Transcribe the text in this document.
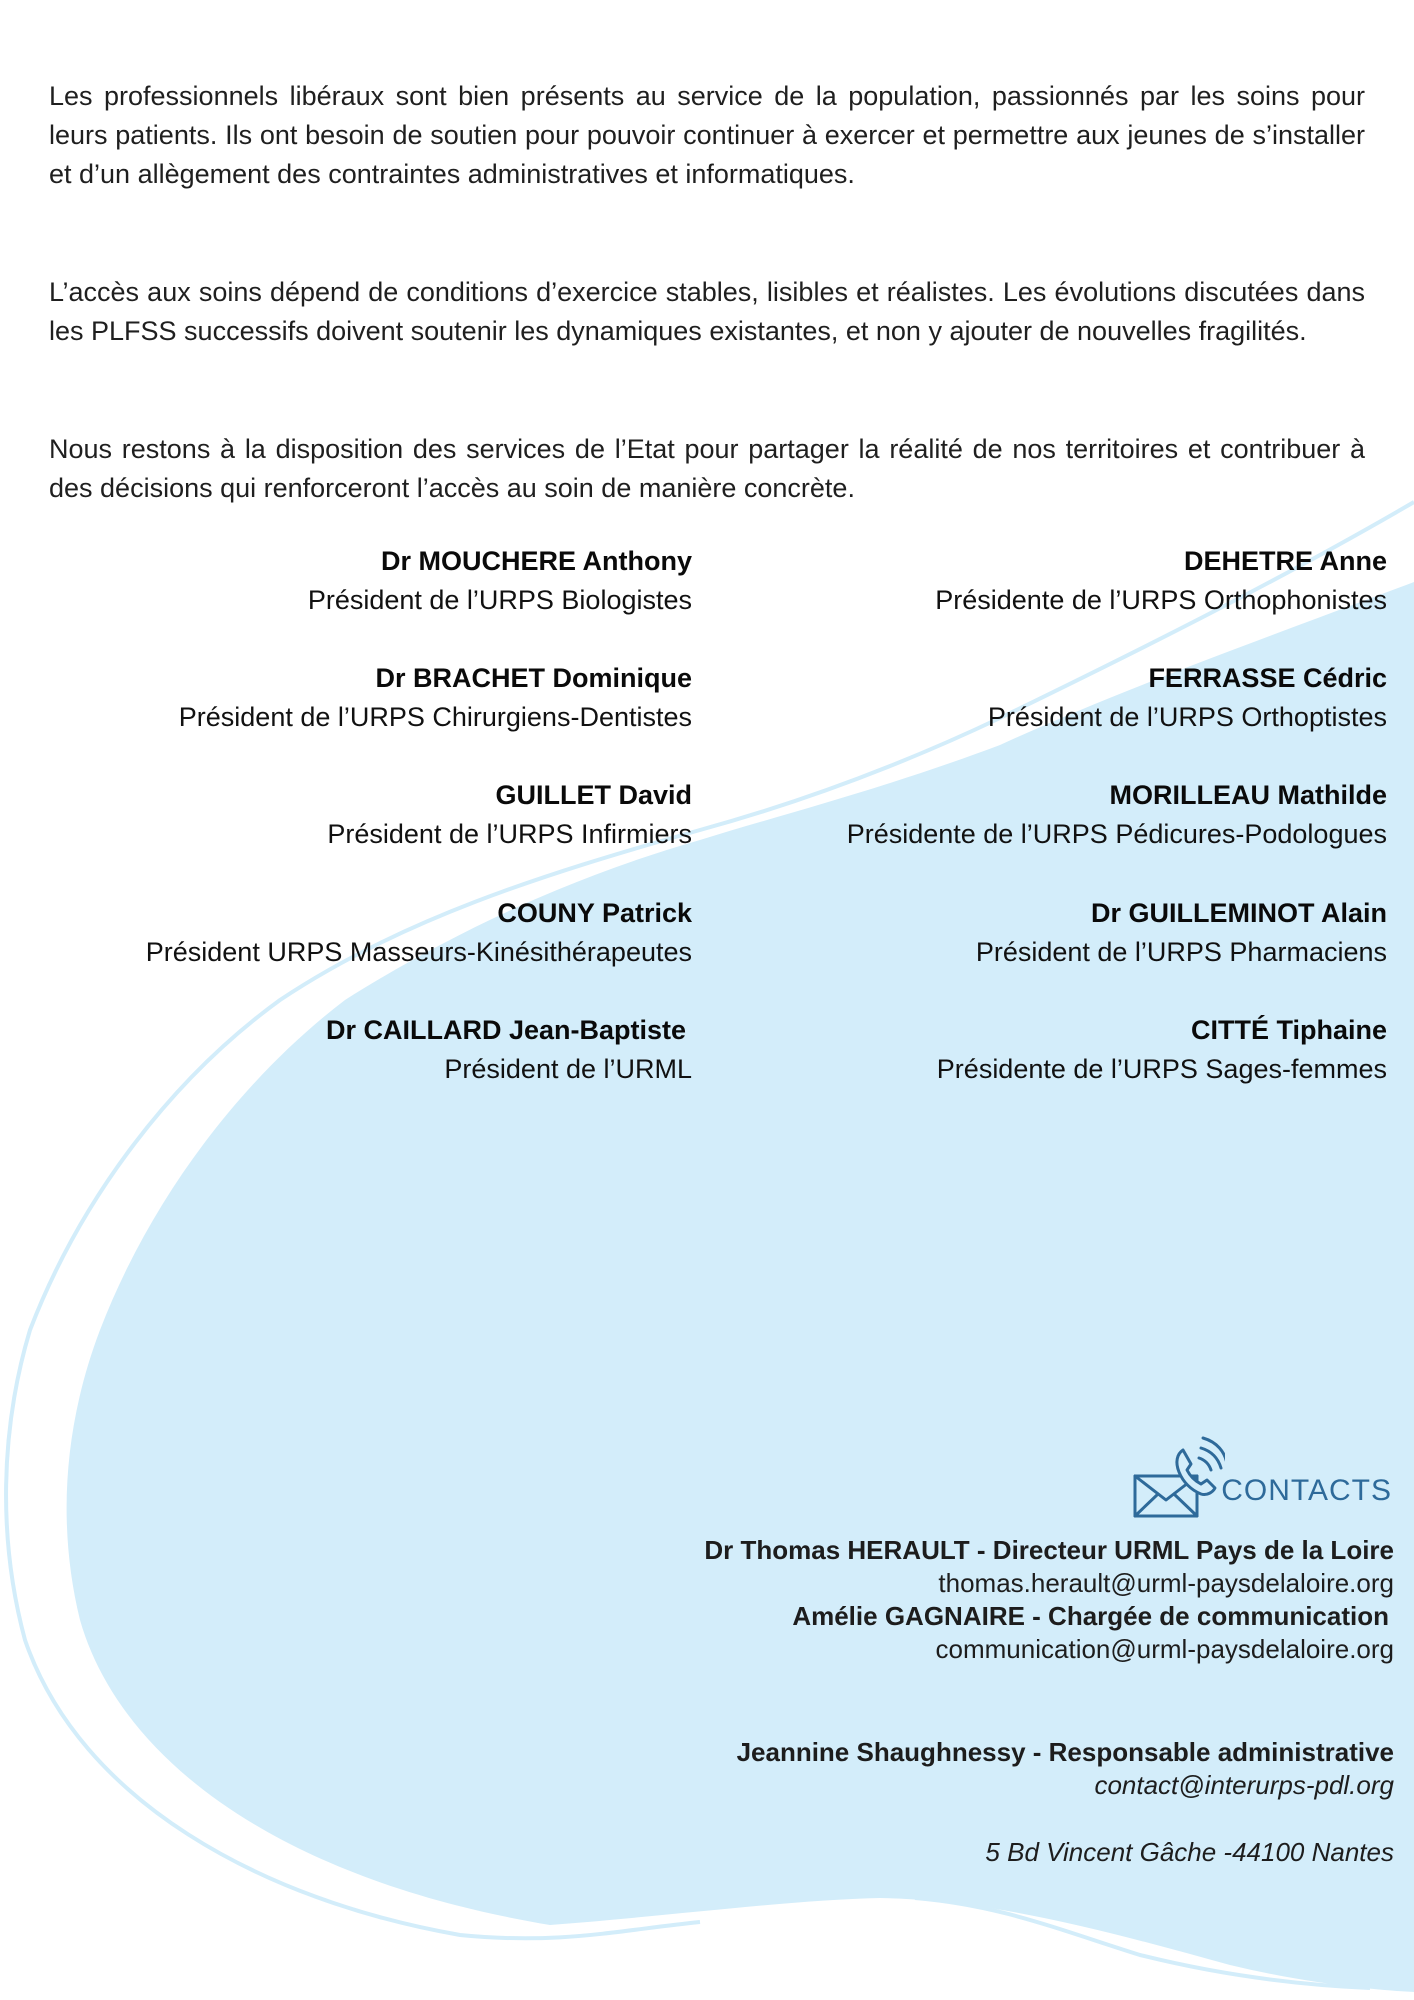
Les professionnels libéraux sont bien présents au service de la population, passionnés par les soins pour leurs patients. Ils ont besoin de soutien pour pouvoir continuer à exercer et permettre aux jeunes de s’installer et d’un allègement des contraintes administratives et informatiques.

L’accès aux soins dépend de conditions d’exercice stables, lisibles et réalistes. Les évolutions discutées dans les PLFSS successifs doivent soutenir les dynamiques existantes, et non y ajouter de nouvelles fragilités.

Nous restons à la disposition des services de l’Etat pour partager la réalité de nos territoires et contribuer à des décisions qui renforceront l’accès au soin de manière concrète.

Dr MOUCHERE Anthony
Président de l’URPS Biologistes
Dr BRACHET Dominique
Président de l’URPS Chirurgiens-Dentistes
GUILLET David
Président de l’URPS Infirmiers
COUNY Patrick
Président URPS Masseurs-Kinésithérapeutes
Dr CAILLARD Jean-Baptiste
Président de l’URML
DEHETRE Anne
Présidente de l’URPS Orthophonistes
FERRASSE Cédric
Président de l’URPS Orthoptistes
MORILLEAU Mathilde
Présidente de l’URPS Pédicures-Podologues
Dr GUILLEMINOT Alain
Président de l’URPS Pharmaciens
CITTÉ Tiphaine
Présidente de l’URPS Sages-femmes
CONTACTS
Dr Thomas HERAULT - Directeur URML Pays de la Loire
thomas.herault@urml-paysdelaloire.org
Amélie GAGNAIRE - Chargée de communication
communication@urml-paysdelaloire.org
Jeannine Shaughnessy - Responsable administrative
contact@interurps-pdl.org
5 Bd Vincent Gâche -44100 Nantes
